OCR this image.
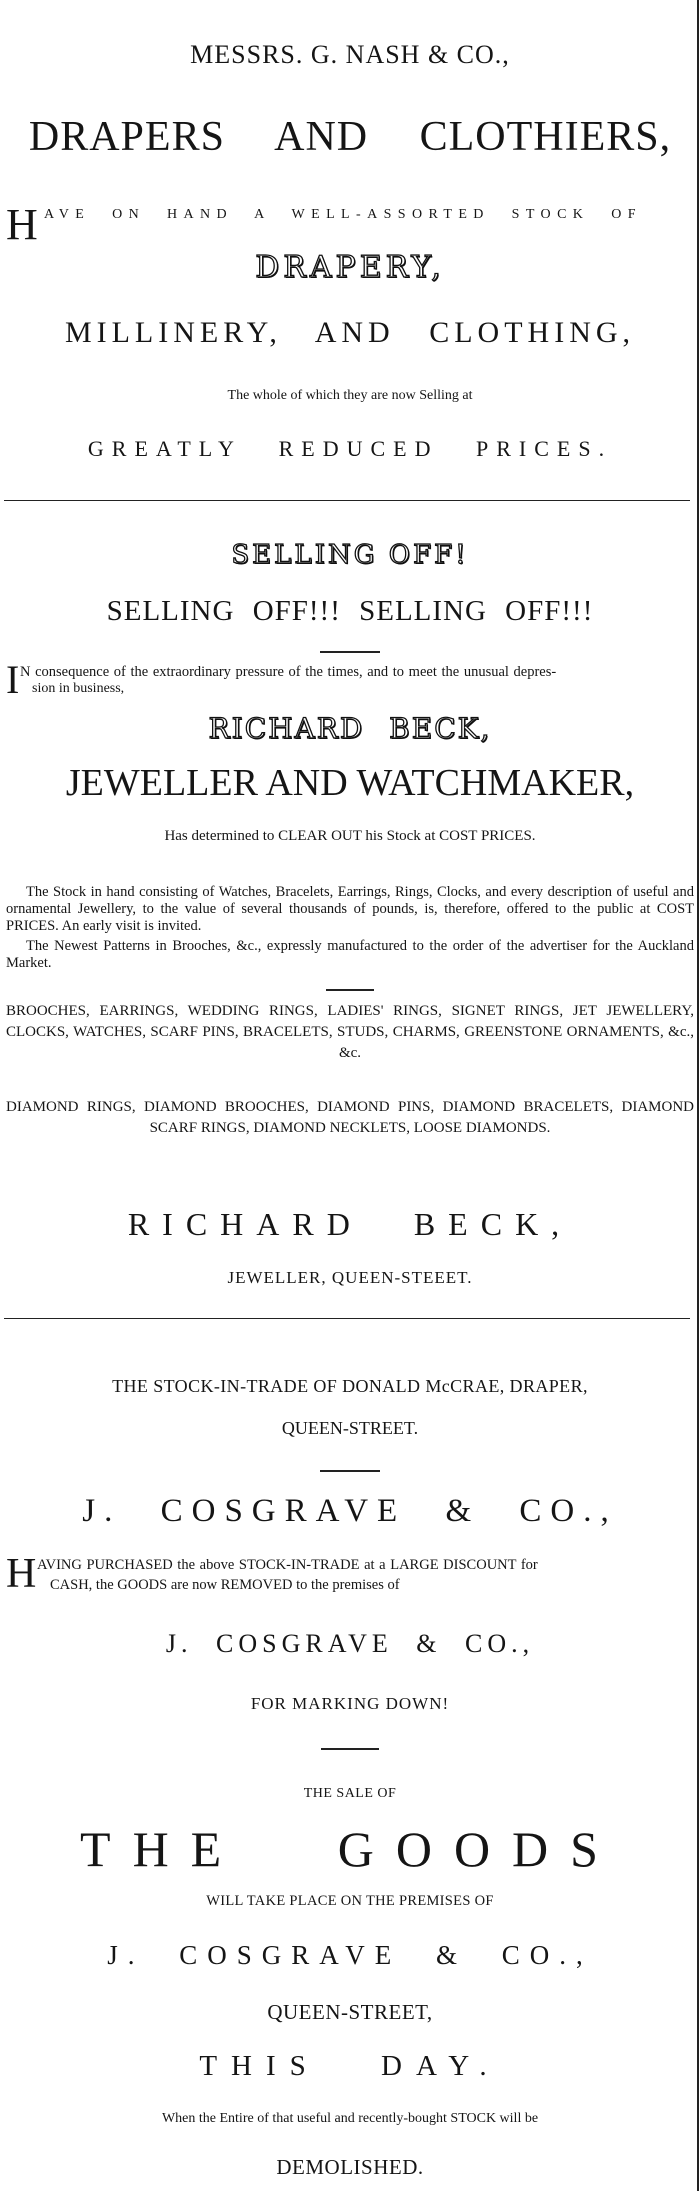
MESSRS. G. NASH & CO.,
DRAPERS AND CLOTHIERS,
H AVE ON HAND A WELL-ASSORTED STOCK OF
DRAPERY,
MILLINERY, AND CLOTHING,
The whole of which they are now Selling at
GREATLY REDUCED PRICES.
SELLING OFF!
SELLING OFF!!! SELLING OFF!!!
I N consequence of the extraordinary pressure of the times, and to meet the unusual depres-
sion in business,
RICHARD BECK,
JEWELLER AND WATCHMAKER,
Has determined to CLEAR OUT his Stock at COST PRICES.
The Stock in hand consisting of Watches, Bracelets, Earrings, Rings, Clocks, and every description of useful and ornamental Jewellery, to the value of several thousands of pounds, is, therefore, offered to the public at COST PRICES. An early visit is invited.
The Newest Patterns in Brooches, &c., expressly manufactured to the order of the advertiser for the Auckland Market.
BROOCHES, EARRINGS, WEDDING RINGS, LADIES' RINGS, SIGNET RINGS, JET JEWELLERY, CLOCKS, WATCHES, SCARF PINS, BRACELETS, STUDS, CHARMS, GREENSTONE ORNAMENTS, &c., &c.
DIAMOND RINGS, DIAMOND BROOCHES, DIAMOND PINS, DIAMOND BRACELETS, DIAMOND SCARF RINGS, DIAMOND NECKLETS, LOOSE DIAMONDS.
RICHARD BECK,
JEWELLER, QUEEN-STEEET.
THE STOCK-IN-TRADE OF DONALD McCRAE, DRAPER,
QUEEN-STREET.
J. COSGRAVE & CO.,
H AVING PURCHASED the above STOCK-IN-TRADE at a LARGE DISCOUNT for
CASH, the GOODS are now REMOVED to the premises of
J. COSGRAVE & CO.,
FOR MARKING DOWN!
THE SALE OF
THE GOODS
WILL TAKE PLACE ON THE PREMISES OF
J. COSGRAVE & CO.,
QUEEN-STREET,
THIS DAY.
When the Entire of that useful and recently-bought STOCK will be
DEMOLISHED.
